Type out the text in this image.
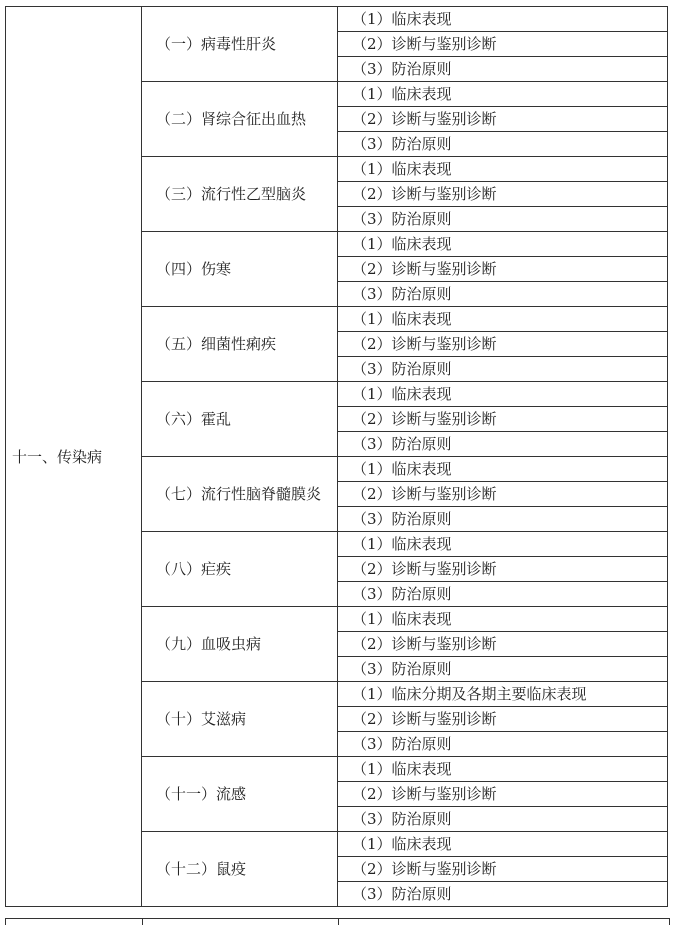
十一、传染病	（一）病毒性肝炎	（1）临床表现
		（2）诊断与鉴别诊断
		（3）防治原则
	（二）肾综合征出血热	（1）临床表现
		（2）诊断与鉴别诊断
		（3）防治原则
	（三）流行性乙型脑炎	（1）临床表现
		（2）诊断与鉴别诊断
		（3）防治原则
	（四）伤寒	（1）临床表现
		（2）诊断与鉴别诊断
		（3）防治原则
	（五）细菌性痢疾	（1）临床表现
		（2）诊断与鉴别诊断
		（3）防治原则
	（六）霍乱	（1）临床表现
		（2）诊断与鉴别诊断
		（3）防治原则
	（七）流行性脑脊髓膜炎	（1）临床表现
		（2）诊断与鉴别诊断
		（3）防治原则
	（八）疟疾	（1）临床表现
		（2）诊断与鉴别诊断
		（3）防治原则
	（九）血吸虫病	（1）临床表现
		（2）诊断与鉴别诊断
		（3）防治原则
	（十）艾滋病	（1）临床分期及各期主要临床表现
		（2）诊断与鉴别诊断
		（3）防治原则
	（十一）流感	（1）临床表现
		（2）诊断与鉴别诊断
		（3）防治原则
	（十二）鼠疫	（1）临床表现
		（2）诊断与鉴别诊断
		（3）防治原则
